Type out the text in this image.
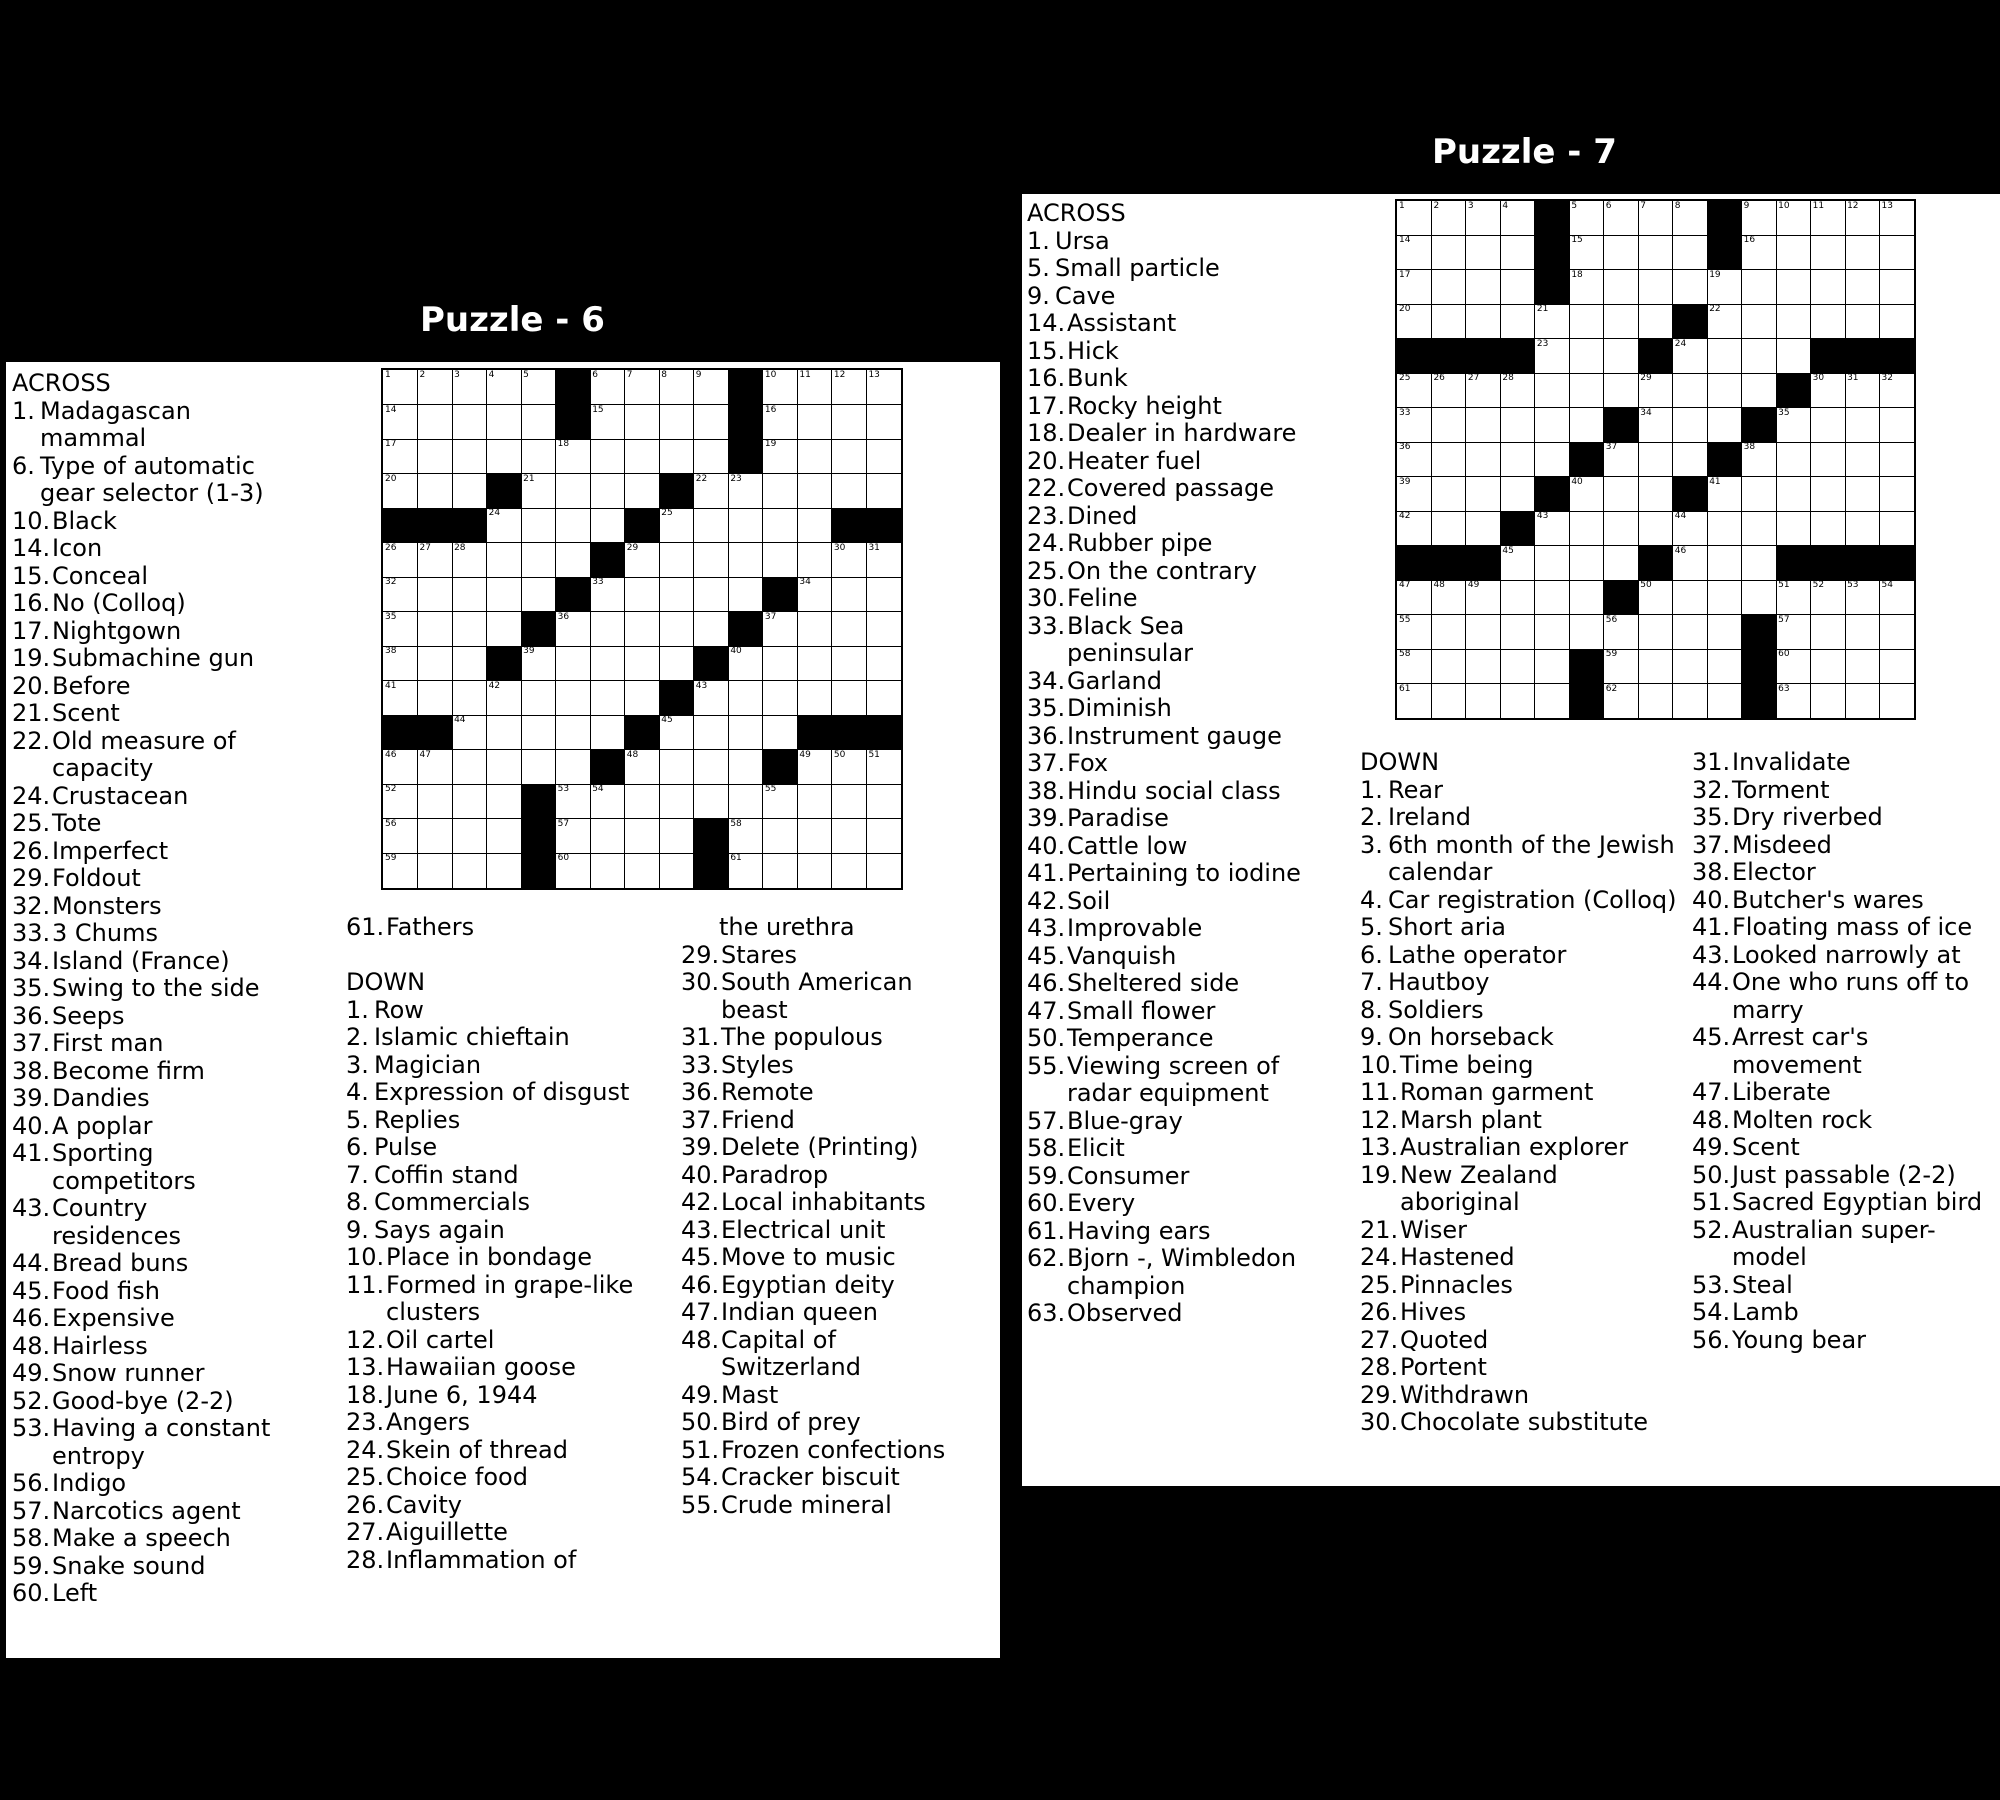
Puzzle - 6
ACROSS
1.
Madagascan mammal
6.
Type of automatic gear selector (1-3)
10.
Black
14.
Icon
15.
Conceal
16.
No (Colloq)
17.
Nightgown
19.
Submachine gun
20.
Before
21.
Scent
22.
Old measure of capacity
24.
Crustacean
25.
Tote
26.
Imperfect
29.
Foldout
32.
Monsters
33.
3 Chums
34.
Island (France)
35.
Swing to the side
36.
Seeps
37.
First man
38.
Become firm
39.
Dandies
40.
A poplar
41.
Sporting competitors
43.
Country residences
44.
Bread buns
45.
Food fish
46.
Expensive
48.
Hairless
49.
Snow runner
52.
Good-bye (2-2)
53.
Having a constant entropy
56.
Indigo
57.
Narcotics agent
58.
Make a speech
59.
Snake sound
60.
Left
1	2	3	4	5	6	7	8	9	10	11	12	13
14	15	16
17	18	19
20	21	22	23
24	25
26	27	28	29	30	31
32	33	34
35	36	37
38	39	40
41	42	43
44	45
46	47	48	49	50	51
52	53	54	55
56	57	58
59	60	61
61.
Fathers
DOWN
1.
Row
2.
Islamic chieftain
3.
Magician
4.
Expression of disgust
5.
Replies
6.
Pulse
7.
Coffin stand
8.
Commercials
9.
Says again
10.
Place in bondage
11.
Formed in grape-like clusters
12.
Oil cartel
13.
Hawaiian goose
18.
June 6, 1944
23.
Angers
24.
Skein of thread
25.
Choice food
26.
Cavity
27.
Aiguillette
28.
Inflammation of
the urethra
29.
Stares
30.
South American beast
31.
The populous
33.
Styles
36.
Remote
37.
Friend
39.
Delete (Printing)
40.
Paradrop
42.
Local inhabitants
43.
Electrical unit
45.
Move to music
46.
Egyptian deity
47.
Indian queen
48.
Capital of Switzerland
49.
Mast
50.
Bird of prey
51.
Frozen confections
54.
Cracker biscuit
55.
Crude mineral
Puzzle - 7
ACROSS
1.
Ursa
5.
Small particle
9.
Cave
14.
Assistant
15.
Hick
16.
Bunk
17.
Rocky height
18.
Dealer in hardware
20.
Heater fuel
22.
Covered passage
23.
Dined
24.
Rubber pipe
25.
On the contrary
30.
Feline
33.
Black Sea peninsular
34.
Garland
35.
Diminish
36.
Instrument gauge
37.
Fox
38.
Hindu social class
39.
Paradise
40.
Cattle low
41.
Pertaining to iodine
42.
Soil
43.
Improvable
45.
Vanquish
46.
Sheltered side
47.
Small flower
50.
Temperance
55.
Viewing screen of radar equipment
57.
Blue-gray
58.
Elicit
59.
Consumer
60.
Every
61.
Having ears
62.
Bjorn -, Wimbledon champion
63.
Observed
1	2	3	4	5	6	7	8	9	10	11	12	13
14	15	16
17	18	19
20	21	22
23	24
25	26	27	28	29	30	31	32
33	34	35
36	37	38
39	40	41
42	43	44
45	46
47	48	49	50	51	52	53	54
55	56	57
58	59	60
61	62	63
DOWN
1.
Rear
2.
Ireland
3.
6th month of the Jewish calendar
4.
Car registration (Colloq)
5.
Short aria
6.
Lathe operator
7.
Hautboy
8.
Soldiers
9.
On horseback
10.
Time being
11.
Roman garment
12.
Marsh plant
13.
Australian explorer
19.
New Zealand aboriginal
21.
Wiser
24.
Hastened
25.
Pinnacles
26.
Hives
27.
Quoted
28.
Portent
29.
Withdrawn
30.
Chocolate substitute
31.
Invalidate
32.
Torment
35.
Dry riverbed
37.
Misdeed
38.
Elector
40.
Butcher's wares
41.
Floating mass of ice
43.
Looked narrowly at
44.
One who runs off to marry
45.
Arrest car's movement
47.
Liberate
48.
Molten rock
49.
Scent
50.
Just passable (2-2)
51.
Sacred Egyptian bird
52.
Australian super-model
53.
Steal
54.
Lamb
56.
Young bear
